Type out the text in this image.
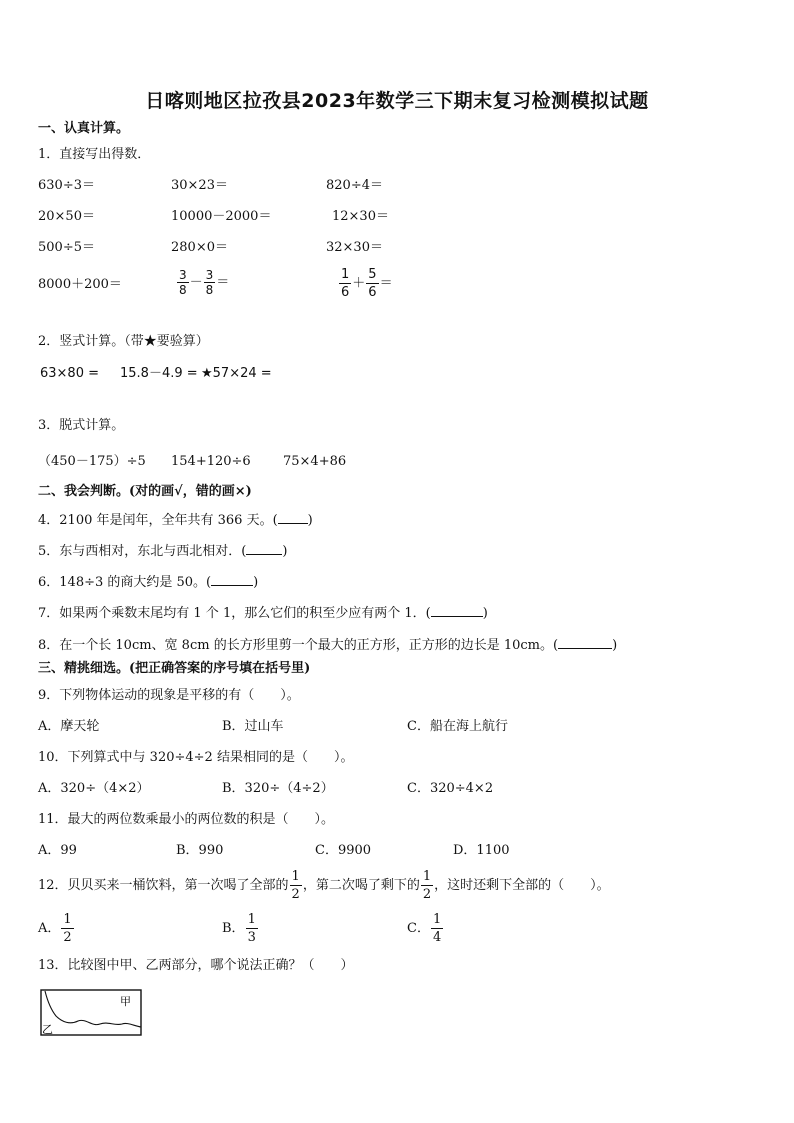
日喀则地区拉孜县2023年数学三下期末复习检测模拟试题
一、认真计算。
1．直接写出得数．
630÷3＝	30×23＝	820÷4＝
20×50＝	10000－2000＝	12×30＝
500÷5＝	280×0＝	32×30＝
8000＋200＝	$\frac{3}{8} - \frac{3}{8}$ ＝	$\frac{1}{6} + \frac{5}{6}$ ＝
2．竖式计算。（带★要验算）
63×80 = 15.8－4.9 = ★57×24 =
3．脱式计算。
（450－175）÷5 154+120÷6 75×4+86
二、我会判断。(对的画√，错的画×)
4．2100 年是闰年，全年共有 366 天。( )
5．东与西相对，东北与西北相对．(	)
6．148÷3 的商大约是 50。(	)
7．如果两个乘数末尾均有 1 个 1，那么它们的积至少应有两个 1．(	)
8．在一个长 10cm、宽 8cm 的长方形里剪一个最大的正方形，正方形的边长是 10cm。(	)
三、精挑细选。(把正确答案的序号填在括号里)
9．下列物体运动的现象是平移的有（　　）。
A．摩天轮	B．过山车	C．船在海上航行
10．下列算式中与 320÷4÷2 结果相同的是（　　）。
A．320÷（4×2）	B．320÷（4÷2）	C．320÷4×2
11．最大的两位数乘最小的两位数的积是（　　）。
A．99	B．990	C．9900	D．1100
12．贝贝买来一桶饮料，第一次喝了全部的 $\frac{1}{2}$ ，第二次喝了剩下的 $\frac{1}{2}$ ，这时还剩下全部的（　　）。
A． $\frac{1}{2}$	B． $\frac{1}{3}$	C． $\frac{1}{4}$
13．比较图中甲、乙两部分，哪个说法正确？（　　）
甲
乙
